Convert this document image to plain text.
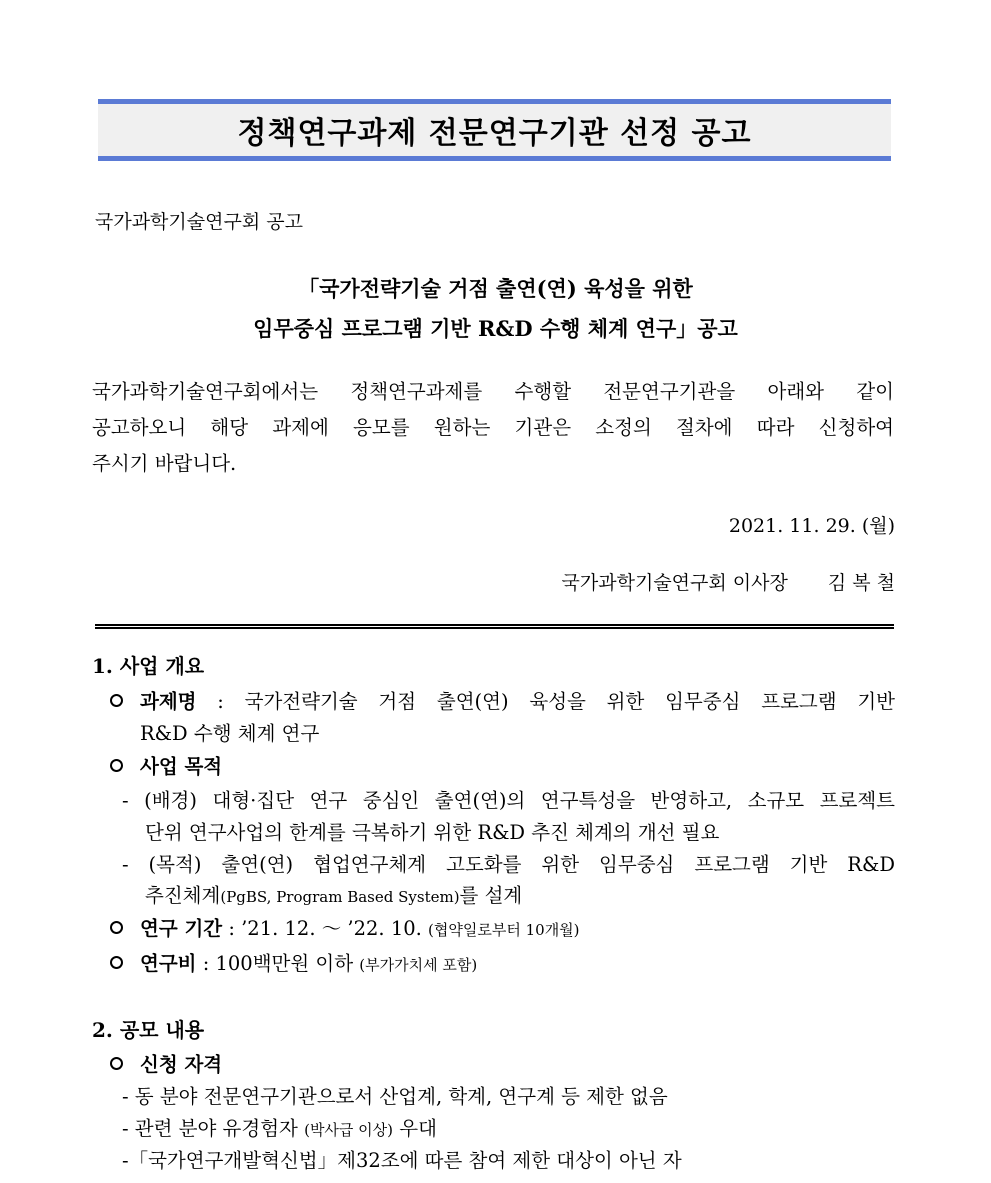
정책연구과제 전문연구기관 선정 공고
국가과학기술연구회 공고
「국가전략기술 거점 출연(연) 육성을 위한
임무중심 프로그램 기반 R&D 수행 체계 연구」공고
국가과학기술연구회에서는 정책연구과제를 수행할 전문연구기관을 아래와 같이
공고하오니 해당 과제에 응모를 원하는 기관은 소정의 절차에 따라 신청하여
주시기 바랍니다.
2021. 11. 29. (월)
국가과학기술연구회 이사장 김 복 철
1. 사업 개요
과제명 : 국가전략기술 거점 출연(연) 육성을 위한 임무중심 프로그램 기반
R&D 수행 체계 연구
사업 목적
- (배경) 대형·집단 연구 중심인 출연(연)의 연구특성을 반영하고, 소규모 프로젝트
단위 연구사업의 한계를 극복하기 위한 R&D 추진 체계의 개선 필요
- (목적) 출연(연) 협업연구체계 고도화를 위한 임무중심 프로그램 기반 R&D
추진체계(PgBS, Program Based System)를 설계
연구 기간 : ’21. 12. ～ ’22. 10. (협약일로부터 10개월)
연구비 : 100백만원 이하 (부가가치세 포함)
2. 공모 내용
신청 자격
- 동 분야 전문연구기관으로서 산업계, 학계, 연구계 등 제한 없음
- 관련 분야 유경험자 (박사급 이상) 우대
-「국가연구개발혁신법」제32조에 따른 참여 제한 대상이 아닌 자
